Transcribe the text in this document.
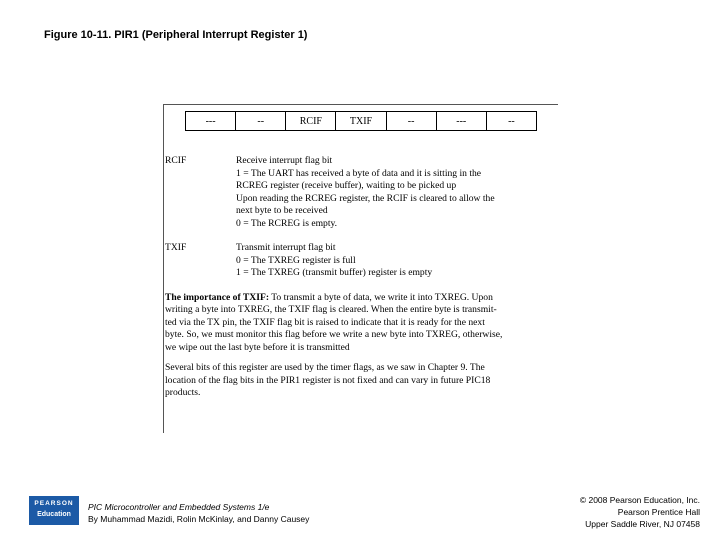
Figure 10-11. PIR1 (Peripheral Interrupt Register 1)
---	--	RCIF	TXIF	--	---	--
RCIF	Receive interrupt flag bit
1 = The UART has received a byte of data and it is sitting in the
RCREG register (receive buffer), waiting to be picked up
Upon reading the RCREG register, the RCIF is cleared to allow the
next byte to be received
0 = The RCREG is empty.
TXIF	Transmit interrupt flag bit
0 = The TXREG register is full
1 = The TXREG (transmit buffer) register is empty
The importance of TXIF: To transmit a byte of data, we write it into TXREG. Upon
writing a byte into TXREG, the TXIF flag is cleared. When the entire byte is transmit-
ted via the TX pin, the TXIF flag bit is raised to indicate that it is ready for the next
byte. So, we must monitor this flag before we write a new byte into TXREG, otherwise,
we wipe out the last byte before it is transmitted
Several bits of this register are used by the timer flags, as we saw in Chapter 9. The
location of the flag bits in the PIR1 register is not fixed and can vary in future PIC18
products.
PEARSON
Education
PIC Microcontroller and Embedded Systems 1/e
By Muhammad Mazidi, Rolin McKinlay, and Danny Causey
© 2008 Pearson Education, Inc.
Pearson Prentice Hall
Upper Saddle River, NJ 07458
